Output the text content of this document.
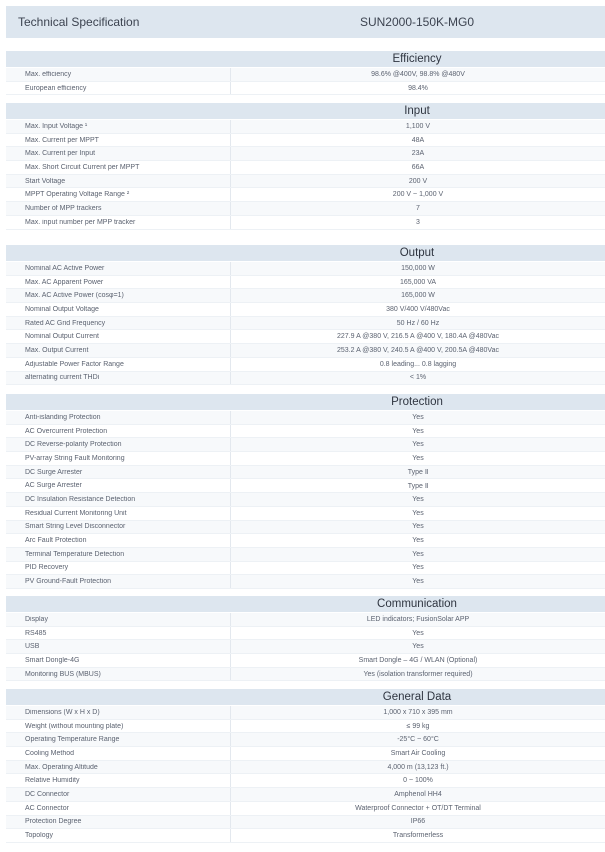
Technical Specification	SUN2000-150K-MG0
Efficiency
Max. efficiency	98.6% @400V, 98.8% @480V
European efficiency	98.4%
Input
Max. Input Voltage ¹	1,100 V
Max. Current per MPPT	48A
Max. Current per Input	23A
Max. Short Circuit Current per MPPT	66A
Start Voltage	200 V
MPPT Operating Voltage Range ²	200 V ~ 1,000 V
Number of MPP trackers	7
Max. input number per MPP tracker	3
Output
Nominal AC Active Power	150,000 W
Max. AC Apparent Power	165,000 VA
Max. AC Active Power (cosφ=1)	165,000 W
Nominal Output Voltage	380 V/400 V/480Vac
Rated AC Grid Frequency	50 Hz / 60 Hz
Nominal Output Current	227.9 A @380 V, 216.5 A @400 V, 180.4A @480Vac
Max. Output Current	253.2 A @380 V, 240.5 A @400 V, 200.5A @480Vac
Adjustable Power Factor Range	0.8 leading... 0.8 lagging
alternating current THDi	< 1%
Protection
Anti-islanding Protection	Yes
AC Overcurrent Protection	Yes
DC Reverse-polarity Protection	Yes
PV-array String Fault Monitoring	Yes
DC Surge Arrester	Type Ⅱ
AC Surge Arrester	Type Ⅱ
DC Insulation Resistance Detection	Yes
Residual Current Monitoring Unit	Yes
Smart String Level Disconnector	Yes
Arc Fault Protection	Yes
Terminal Temperature Detection	Yes
PID Recovery	Yes
PV Ground-Fault Protection	Yes
Communication
Display	LED indicators; FusionSolar APP
RS485	Yes
USB	Yes
Smart Dongle-4G	Smart Dongle – 4G / WLAN (Optional)
Monitoring BUS (MBUS)	Yes (isolation transformer required)
General Data
Dimensions (W x H x D)	1,000 x 710 x 395 mm
Weight (without mounting plate)	≤ 99 kg
Operating Temperature Range	-25°C ~ 60°C
Cooling Method	Smart Air Cooling
Max. Operating Altitude	4,000 m (13,123 ft.)
Relative Humidity	0 ~ 100%
DC Connector	Amphenol HH4
AC Connector	Waterproof Connector + OT/DT Terminal
Protection Degree	IP66
Topology	Transformerless
